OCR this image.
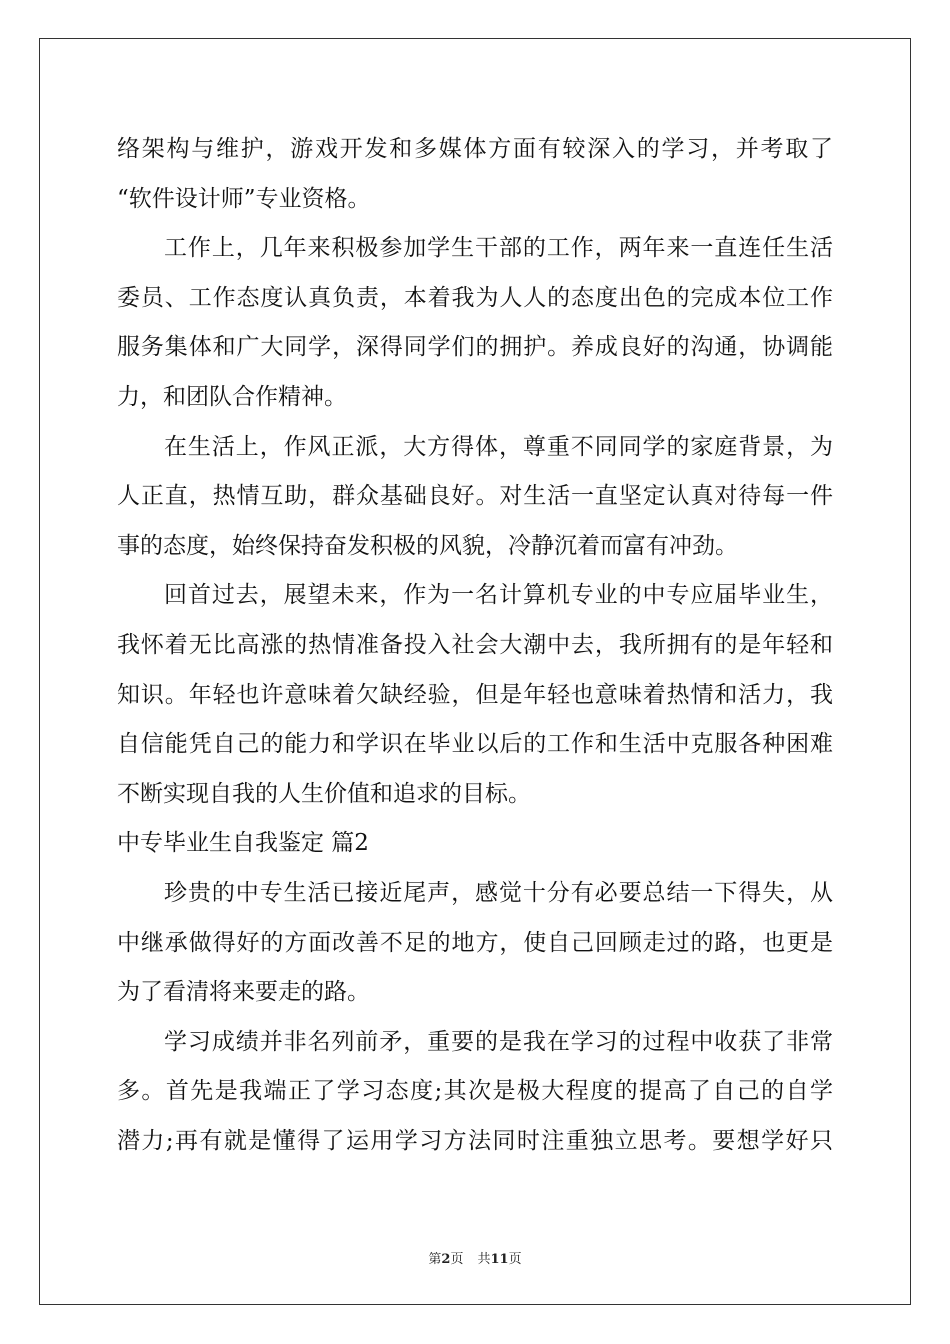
络架构与维护，游戏开发和多媒体方面有较深入的学习，并考取了
“软件设计师”专业资格。
工作上，几年来积极参加学生干部的工作，两年来一直连任生活
委员、工作态度认真负责，本着我为人人的态度出色的完成本位工作
服务集体和广大同学，深得同学们的拥护。养成良好的沟通，协调能
力，和团队合作精神。
在生活上，作风正派，大方得体，尊重不同同学的家庭背景，为
人正直，热情互助，群众基础良好。对生活一直坚定认真对待每一件
事的态度，始终保持奋发积极的风貌，冷静沉着而富有冲劲。
回首过去，展望未来，作为一名计算机专业的中专应届毕业生，
我怀着无比高涨的热情准备投入社会大潮中去，我所拥有的是年轻和
知识。年轻也许意味着欠缺经验，但是年轻也意味着热情和活力，我
自信能凭自己的能力和学识在毕业以后的工作和生活中克服各种困难
不断实现自我的人生价值和追求的目标。
中专毕业生自我鉴定 篇2
珍贵的中专生活已接近尾声，感觉十分有必要总结一下得失，从
中继承做得好的方面改善不足的地方，使自己回顾走过的路，也更是
为了看清将来要走的路。
学习成绩并非名列前矛，重要的是我在学习的过程中收获了非常
多。首先是我端正了学习态度;其次是极大程度的提高了自己的自学
潜力;再有就是懂得了运用学习方法同时注重独立思考。要想学好只
第2页 共11页
